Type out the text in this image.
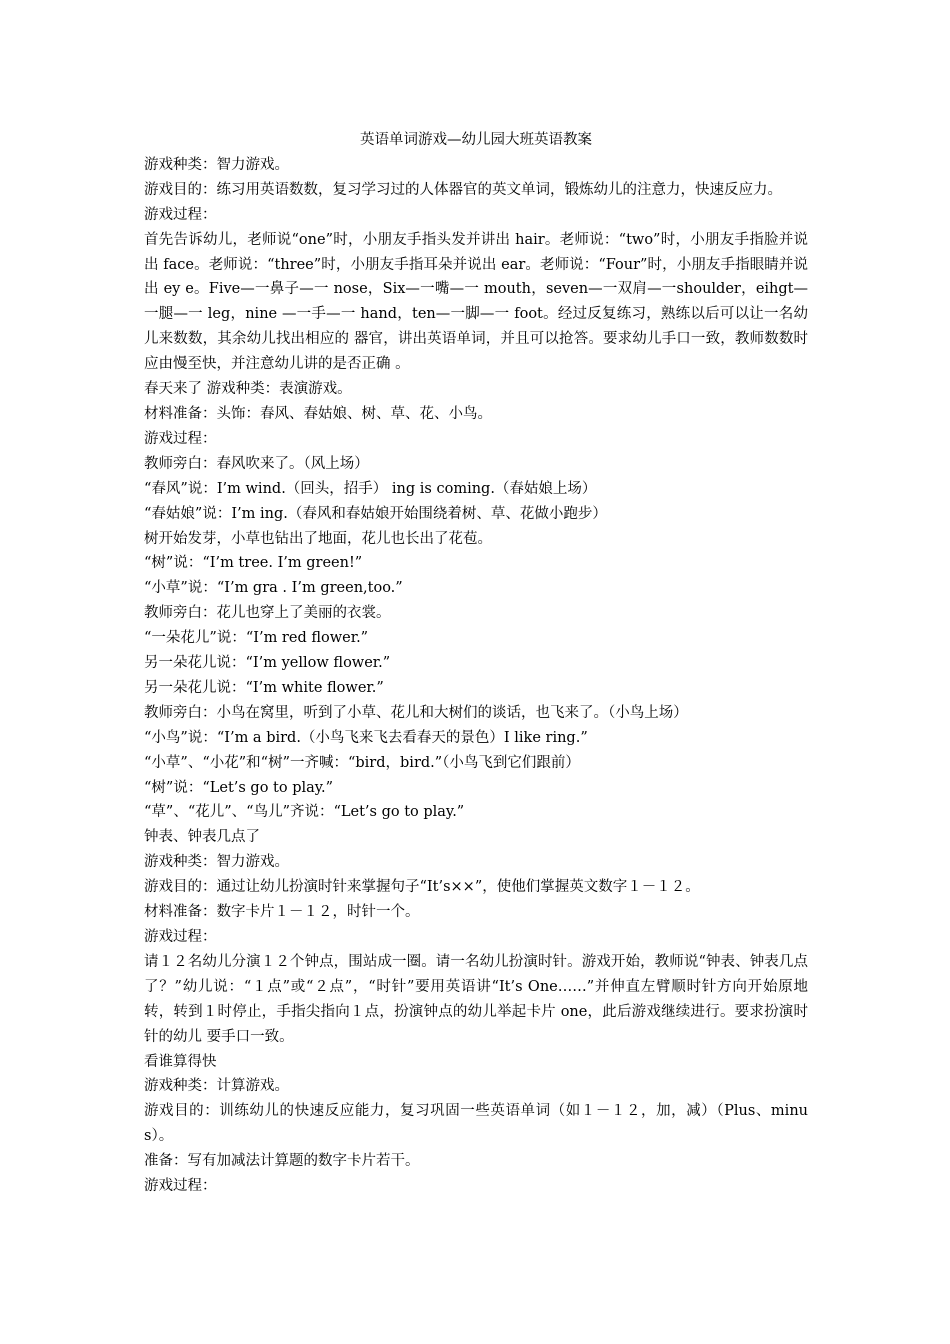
英语单词游戏—幼儿园大班英语教案

游戏种类：智力游戏。

游戏目的：练习用英语数数，复习学习过的人体器官的英文单词，锻炼幼儿的注意力，快速反应力。

游戏过程：

首先告诉幼儿，老师说“one”时，小朋友手指头发并讲出 hair。老师说：“two”时，小朋友手指脸并说 出 face。老师说：“three”时，小朋友手指耳朵并说出 ear。老师说：“Four”时，小朋友手指眼睛并说出 ey e。Five—一鼻子—一 nose，Six—一嘴—一 mouth，seven—一双肩—一shoulder，eihgt—一腿—一 leg，nine —一手—一 hand，ten—一脚—一 foot。经过反复练习，熟练以后可以让一名幼儿来数数，其余幼儿找出相应的 器官，讲出英语单词，并且可以抢答。要求幼儿手口一致，教师数数时应由慢至快，并注意幼儿讲的是否正确 。

春天来了 游戏种类：表演游戏。

材料准备：头饰：春风、春姑娘、树、草、花、小鸟。

游戏过程：

教师旁白：春风吹来了。（风上场）

“春风”说：I’m wind.（回头，招手） ing is coming.（春姑娘上场）

“春姑娘”说：I’m ing.（春风和春姑娘开始围绕着树、草、花做小跑步）

树开始发芽，小草也钻出了地面，花儿也长出了花苞。

“树”说：“I’m tree. I’m green!”

“小草”说：“I’m gra . I’m green,too.”

教师旁白：花儿也穿上了美丽的衣裳。

“一朵花儿”说：“I’m red flower.”

另一朵花儿说：“I’m yellow flower.”

另一朵花儿说：“I’m white flower.”

教师旁白：小鸟在窝里，听到了小草、花儿和大树们的谈话，也飞来了。（小鸟上场）

“小鸟”说：“I’m a bird.（小鸟飞来飞去看春天的景色）I like ring.”

“小草”、“小花”和“树”一齐喊：“bird，bird.”（小鸟飞到它们跟前）

“树”说：“Let’s go to play.”

“草”、“花儿”、“鸟儿”齐说：“Let’s go to play.”

钟表、钟表几点了

游戏种类：智力游戏。

游戏目的：通过让幼儿扮演时针来掌握句子“It’s××”，使他们掌握英文数字１－１２。

材料准备：数字卡片１－１２，时针一个。

游戏过程：

请１２名幼儿分演１２个钟点，围站成一圈。请一名幼儿扮演时针。游戏开始，教师说“钟表、钟表几点 了？”幼儿说：“１点”或“２点”，“时针”要用英语讲“It’s One……”并伸直左臂顺时针方向开始原地 转，转到１时停止，手指尖指向１点，扮演钟点的幼儿举起卡片 one，此后游戏继续进行。要求扮演时针的幼儿 要手口一致。

看谁算得快

游戏种类：计算游戏。

游戏目的：训练幼儿的快速反应能力，复习巩固一些英语单词（如１－１２，加，减）（Plus、minus）。

准备：写有加减法计算题的数字卡片若干。

游戏过程：
